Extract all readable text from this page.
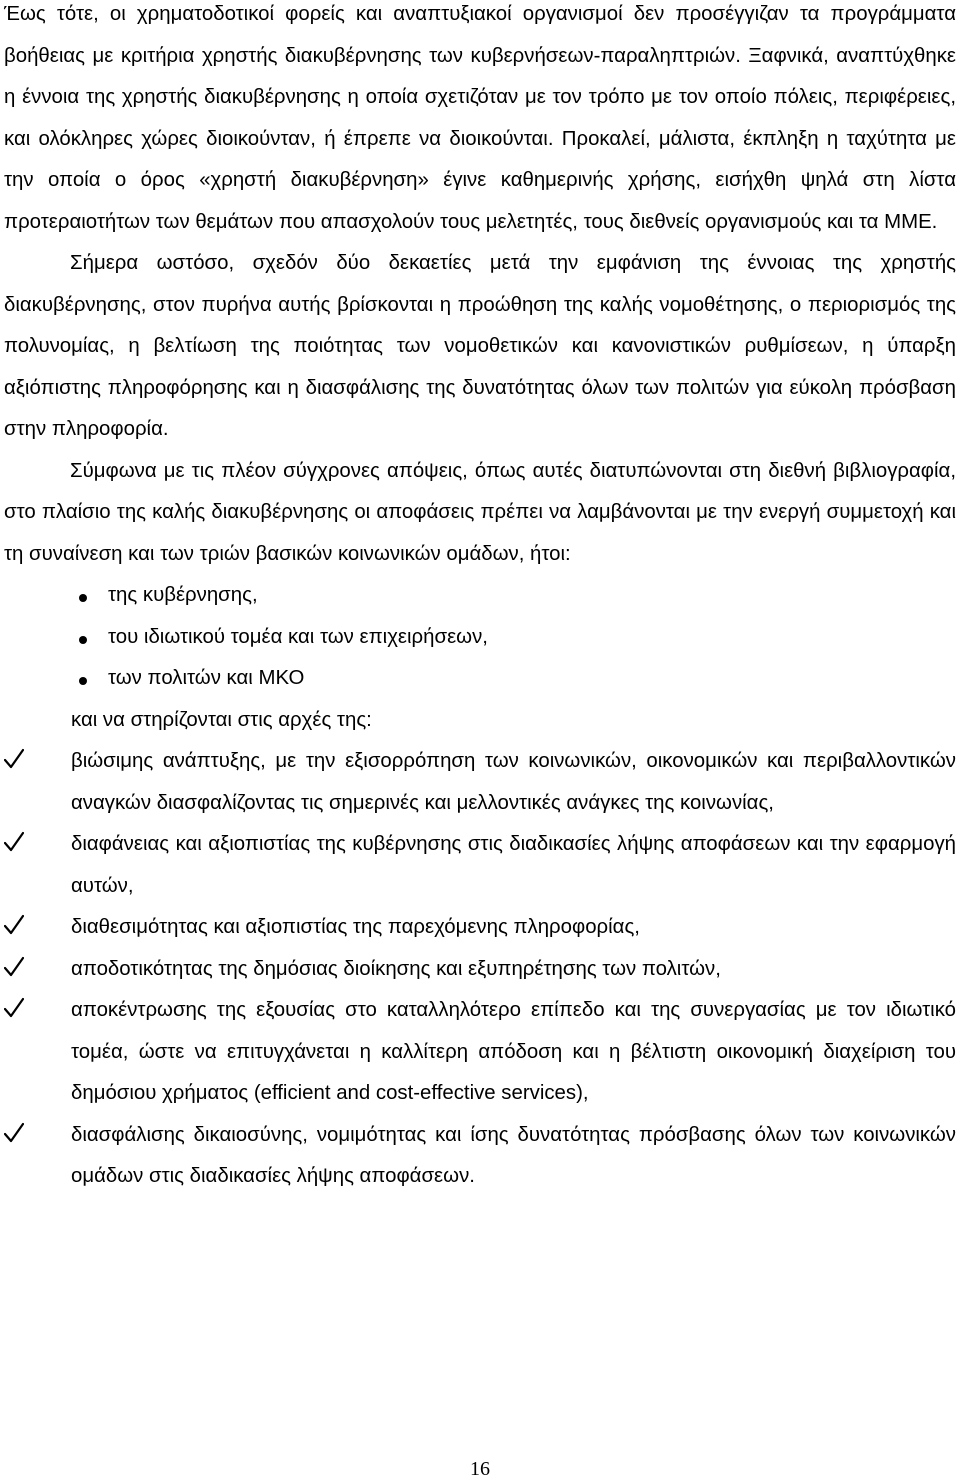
Έως τότε, οι χρηματοδοτικοί φορείς και αναπτυξιακοί οργανισμοί δεν προσέγγιζαν τα προγράμματα βοήθειας με κριτήρια χρηστής διακυβέρνησης των κυβερνήσεων-παραληπτριών. Ξαφνικά, αναπτύχθηκε η έννοια της χρηστής διακυβέρνησης η οποία σχετιζόταν με τον τρόπο με τον οποίο πόλεις, περιφέρειες, και ολόκληρες χώρες διοικούνταν, ή έπρεπε να διοικούνται. Προκαλεί, μάλιστα, έκπληξη η ταχύτητα με την οποία ο όρος «χρηστή διακυβέρνηση» έγινε καθημερινής χρήσης, εισήχθη ψηλά στη λίστα προτεραιοτήτων των θεμάτων που απασχολούν τους μελετητές, τους διεθνείς οργανισμούς και τα ΜΜΕ.

Σήμερα ωστόσο, σχεδόν δύο δεκαετίες μετά την εμφάνιση της έννοιας της χρηστής διακυβέρνησης, στον πυρήνα αυτής βρίσκονται η προώθηση της καλής νομοθέτησης, ο περιορισμός της πολυνομίας, η βελτίωση της ποιότητας των νομοθετικών και κανονιστικών ρυθμίσεων, η ύπαρξη αξιόπιστης πληροφόρησης και η διασφάλισης της δυνατότητας όλων των πολιτών για εύκολη πρόσβαση στην πληροφορία.

Σύμφωνα με τις πλέον σύγχρονες απόψεις, όπως αυτές διατυπώνονται στη διεθνή βιβλιογραφία, στο πλαίσιο της καλής διακυβέρνησης οι αποφάσεις πρέπει να λαμβάνονται με την ενεργή συμμετοχή και τη συναίνεση και των τριών βασικών κοινωνικών ομάδων, ήτοι:

της κυβέρνησης,
του ιδιωτικού τομέα και των επιχειρήσεων,
των πολιτών και ΜΚΟ
και να στηρίζονται στις αρχές της:
βιώσιμης ανάπτυξης, με την εξισορρόπηση των κοινωνικών, οικονομικών και περιβαλλοντικών αναγκών διασφαλίζοντας τις σημερινές και μελλοντικές ανάγκες της κοινωνίας,
διαφάνειας και αξιοπιστίας της κυβέρνησης στις διαδικασίες λήψης αποφάσεων και την εφαρμογή αυτών,
διαθεσιμότητας και αξιοπιστίας της παρεχόμενης πληροφορίας,
αποδοτικότητας της δημόσιας διοίκησης και εξυπηρέτησης των πολιτών,
αποκέντρωσης της εξουσίας στο καταλληλότερο επίπεδο και της συνεργασίας με τον ιδιωτικό τομέα, ώστε να επιτυγχάνεται η καλλίτερη απόδοση και η βέλτιστη οικονομική διαχείριση του δημόσιου χρήματος (efficient and cost-effective services),
διασφάλισης δικαιοσύνης, νομιμότητας και ίσης δυνατότητας πρόσβασης όλων των κοινωνικών ομάδων στις διαδικασίες λήψης αποφάσεων.
16
